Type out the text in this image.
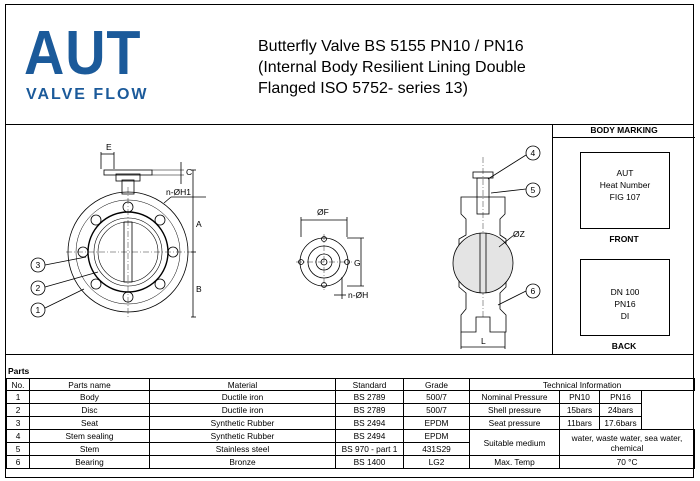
AUT
VALVE FLOW
Butterfly Valve BS 5155 PN10 / PN16
(Internal Body Resilient Lining Double
Flanged ISO 5752- series 13)
E
C
n-ØH1
A
B
ØF
G
n-ØH
ØZ
L
3
2
1
4
5
6
BODY MARKING
AUT
Heat Number
FIG 107
FRONT
DN 100
PN16
DI
BACK
Parts
No.	Parts name	Material	Standard	Grade	Technical Information			
1	Body	Ductile iron	BS 2789	500/7	Nominal Pressure	PN10	PN16	
2	Disc	Ductile iron	BS 2789	500/7	Shell pressure	15bars	24bars	
3	Seat	Synthetic Rubber	BS 2494	EPDM	Seat pressure	11bars	17.6bars	
4	Stem sealing	Synthetic Rubber	BS 2494	EPDM	Suitable medium	water, waste water, sea water, chemical		
5	Stem	Stainless steel	BS 970 - part 1	431S29				
6	Bearing	Bronze	BS 1400	LG2	Max. Temp	70 °C		
